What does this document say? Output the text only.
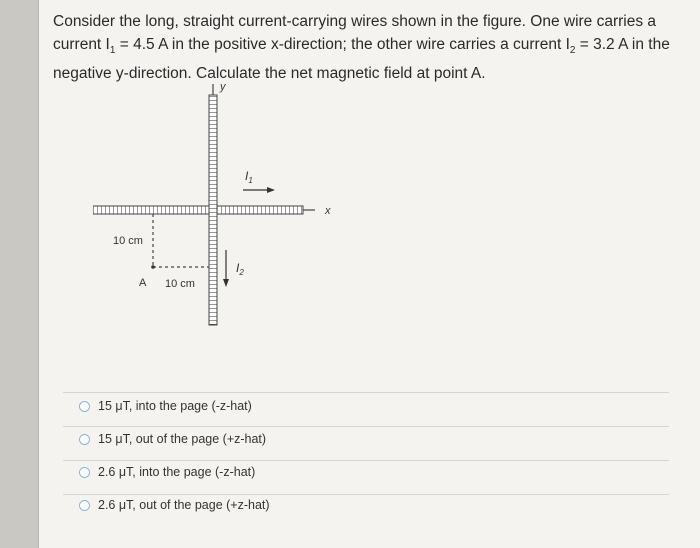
Consider the long, straight current-carrying wires shown in the figure. One wire carries a current $I_1 = 4.5$ A in the positive x-direction; the other wire carries a current $I_2 = 3.2$ A in the negative y-direction. Calculate the net magnetic field at point A.
x
y
$I_1$
$I_2$
10 cm
10 cm
A
15 μT, into the page (-z-hat)
15 μT, out of the page (+z-hat)
2.6 μT, into the page (-z-hat)
2.6 μT, out of the page (+z-hat)
